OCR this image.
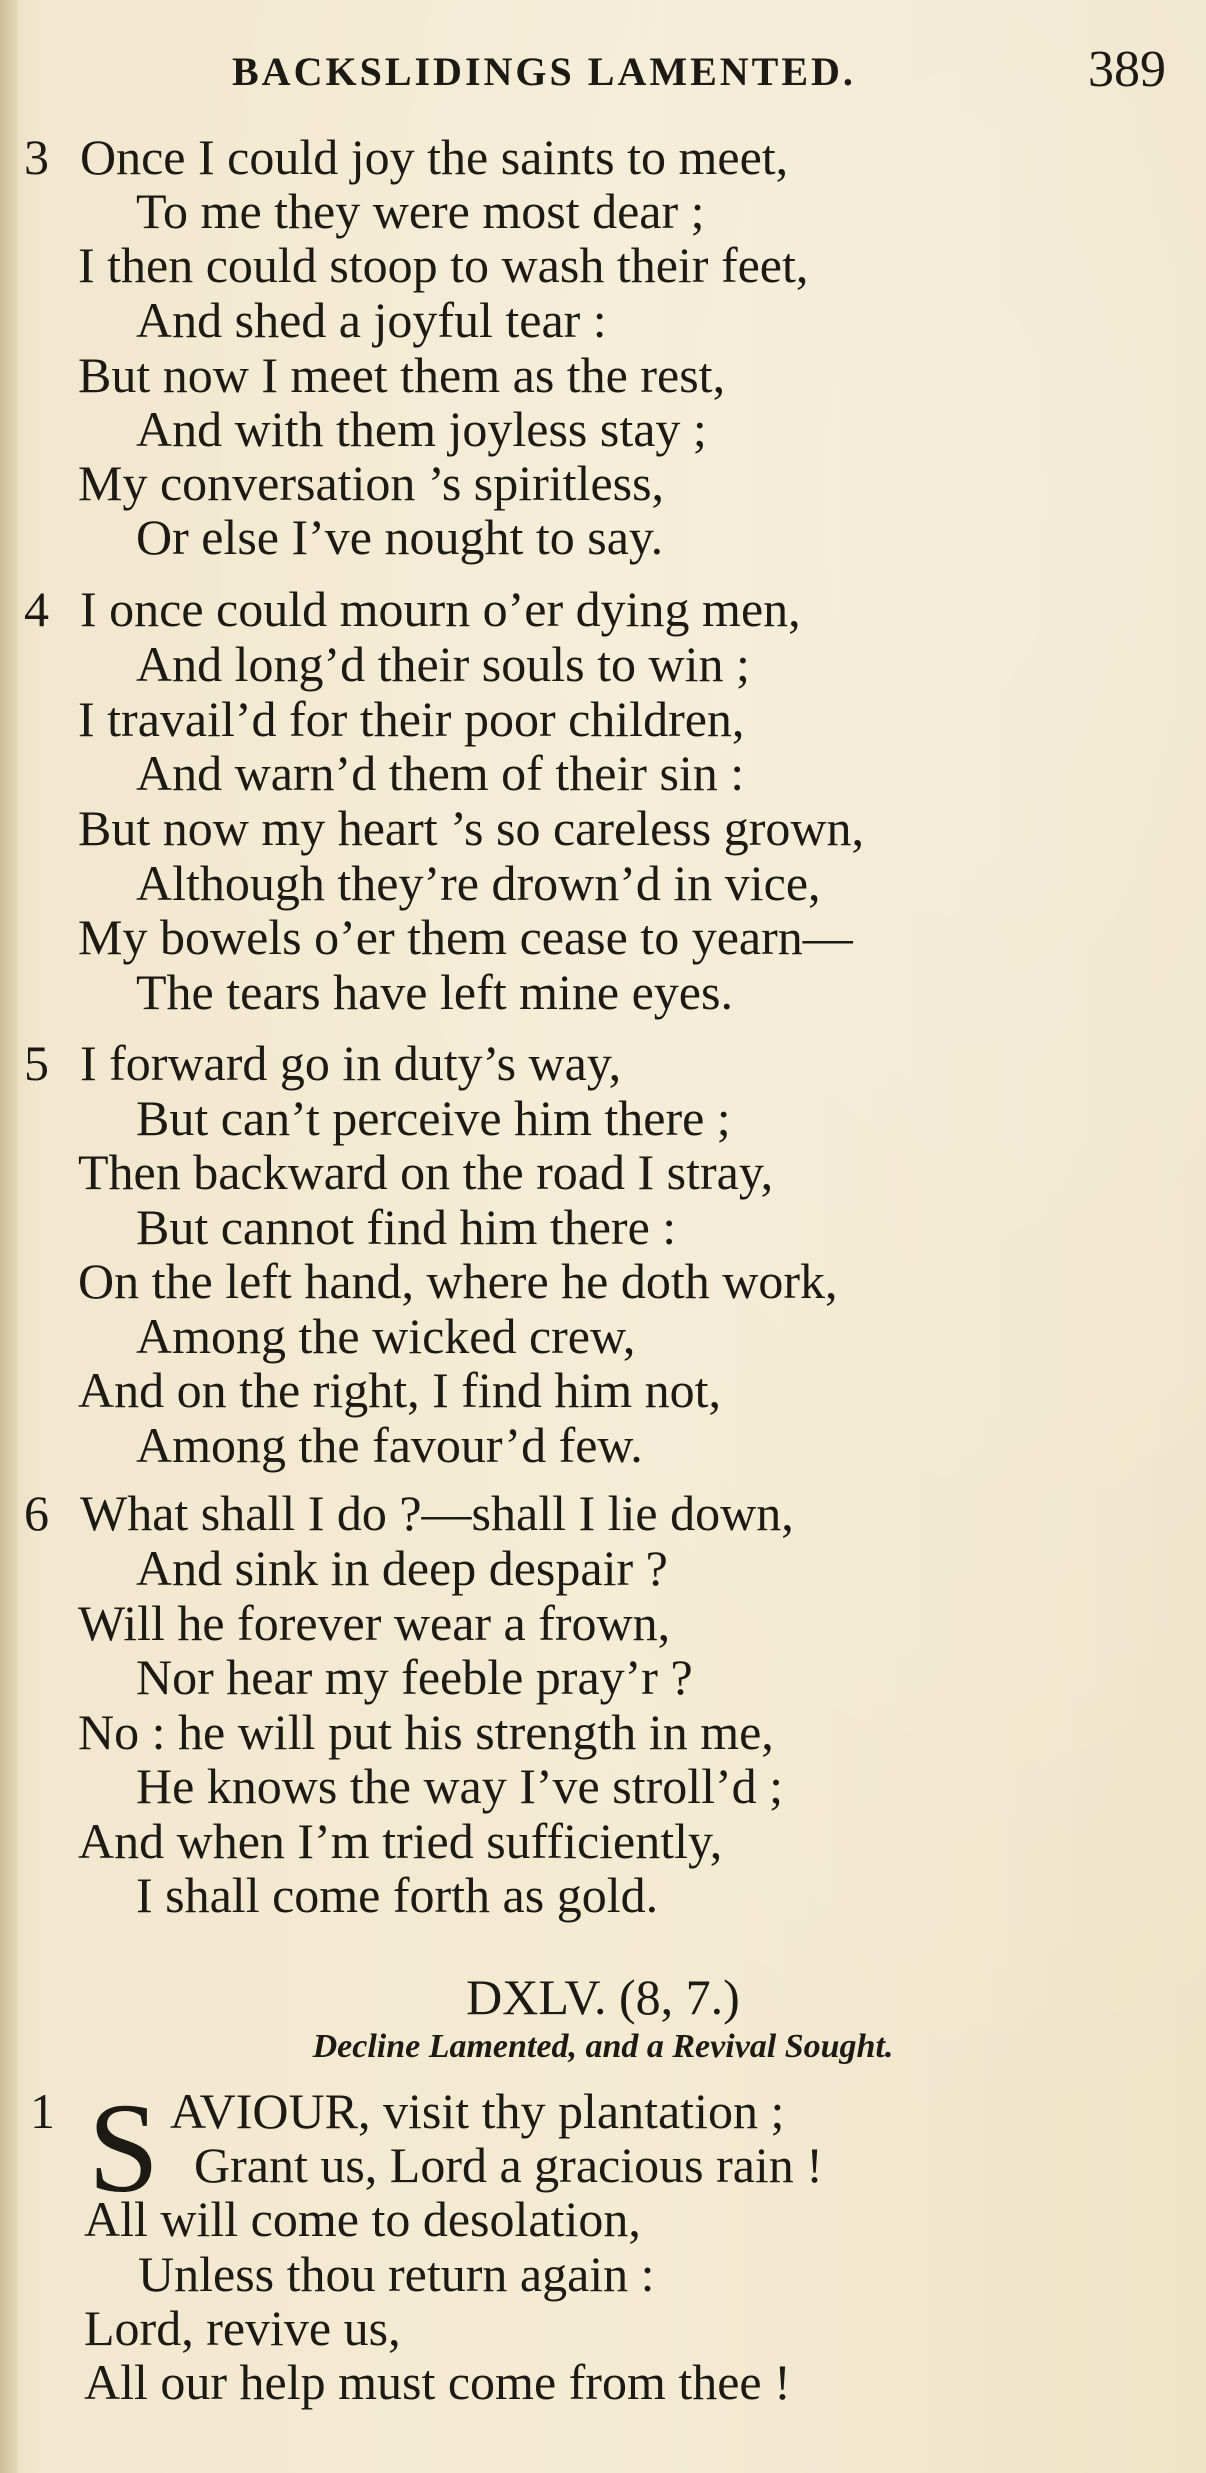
BACKSLIDINGS LAMENTED.	389
3 Once I could joy the saints to meet,
To me they were most dear ;
I then could stoop to wash their feet,
And shed a joyful tear :
But now I meet them as the rest,
And with them joyless stay ;
My conversation ’s spiritless,
Or else I’ve nought to say.
4 I once could mourn o’er dying men,
And long’d their souls to win ;
I travail’d for their poor children,
And warn’d them of their sin :
But now my heart ’s so careless grown,
Although they’re drown’d in vice,
My bowels o’er them cease to yearn—
The tears have left mine eyes.
5 I forward go in duty’s way,
But can’t perceive him there ;
Then backward on the road I stray,
But cannot find him there :
On the left hand, where he doth work,
Among the wicked crew,
And on the right, I find him not,
Among the favour’d few.
6 What shall I do ?—shall I lie down,
And sink in deep despair ?
Will he forever wear a frown,
Nor hear my feeble pray’r ?
No : he will put his strength in me,
He knows the way I’ve stroll’d ;
And when I’m tried sufficiently,
I shall come forth as gold.
DXLV. (8, 7.)
Decline Lamented, and a Revival Sought.
1 S AVIOUR, visit thy plantation ;
Grant us, Lord a gracious rain !
All will come to desolation,
Unless thou return again :
Lord, revive us,
All our help must come from thee !
